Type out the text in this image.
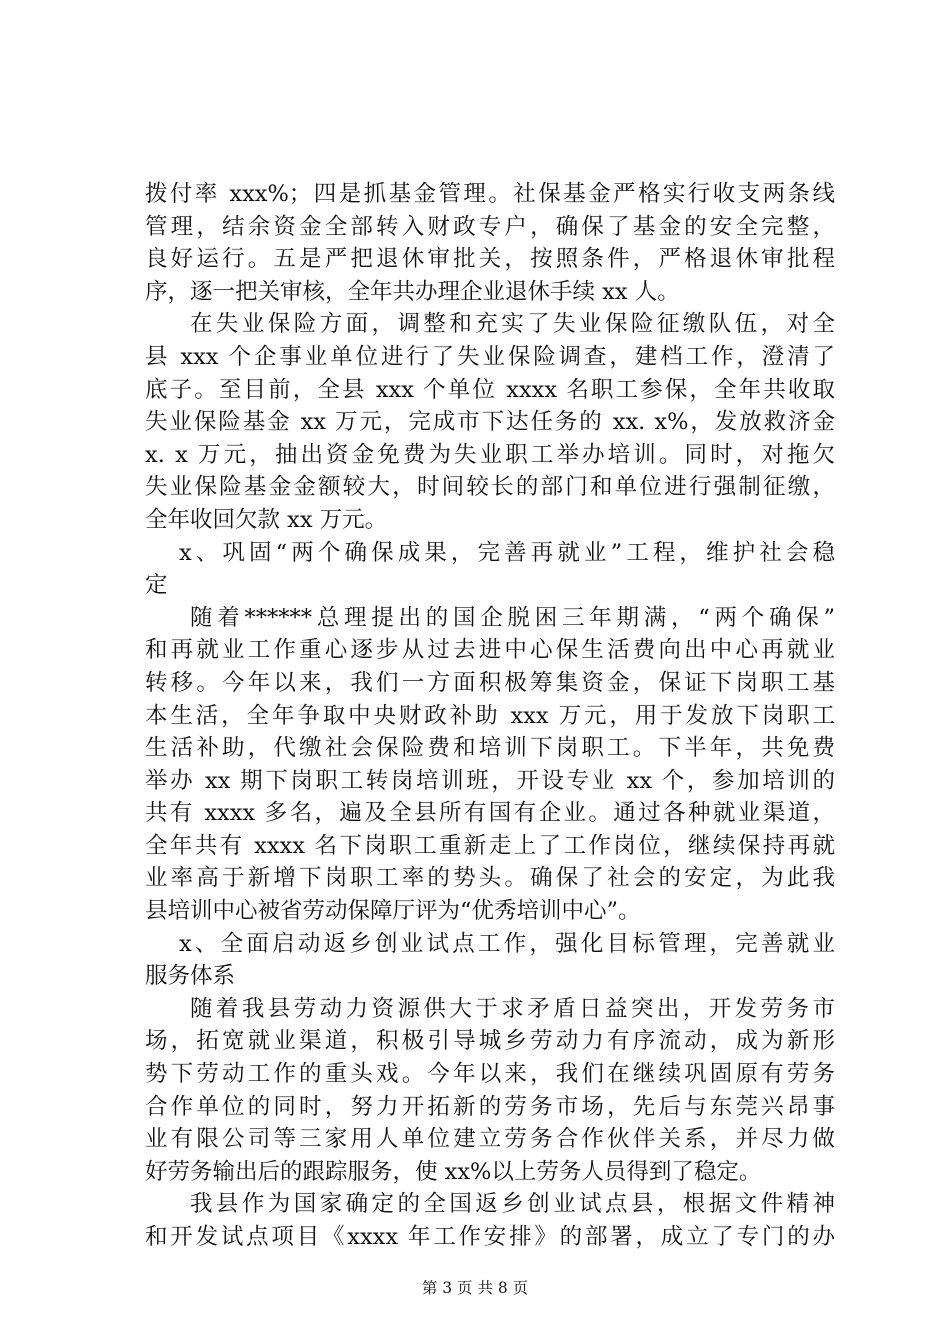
拨付率 xxx%；四是抓基金管理。社保基金严格实行收支两条线
管理，结余资金全部转入财政专户，确保了基金的安全完整，
良好运行。五是严把退休审批关，按照条件，严格退休审批程
序，逐一把关审核，全年共办理企业退休手续 xx 人。
在失业保险方面，调整和充实了失业保险征缴队伍，对全
县 xxx 个企事业单位进行了失业保险调查，建档工作，澄清了
底子。至目前，全县 xxx 个单位 xxxx 名职工参保，全年共收取
失业保险基金 xx 万元，完成市下达任务的 xx. x%，发放救济金
x. x 万元，抽出资金免费为失业职工举办培训。同时，对拖欠
失业保险基金金额较大，时间较长的部门和单位进行强制征缴，
全年收回欠款 xx 万元。
x、巩固“两个确保成果，完善再就业”工程，维护社会稳
定
随着******总理提出的国企脱困三年期满，“两个确保”
和再就业工作重心逐步从过去进中心保生活费向出中心再就业
转移。今年以来，我们一方面积极筹集资金，保证下岗职工基
本生活，全年争取中央财政补助 xxx 万元，用于发放下岗职工
生活补助，代缴社会保险费和培训下岗职工。下半年，共免费
举办 xx 期下岗职工转岗培训班，开设专业 xx 个，参加培训的
共有 xxxx 多名，遍及全县所有国有企业。通过各种就业渠道，
全年共有 xxxx 名下岗职工重新走上了工作岗位，继续保持再就
业率高于新增下岗职工率的势头。确保了社会的安定，为此我
县培训中心被省劳动保障厅评为“优秀培训中心”。
x、全面启动返乡创业试点工作，强化目标管理，完善就业
服务体系
随着我县劳动力资源供大于求矛盾日益突出，开发劳务市
场，拓宽就业渠道，积极引导城乡劳动力有序流动，成为新形
势下劳动工作的重头戏。今年以来，我们在继续巩固原有劳务
合作单位的同时，努力开拓新的劳务市场，先后与东莞兴昂事
业有限公司等三家用人单位建立劳务合作伙伴关系，并尽力做
好劳务输出后的跟踪服务，使 xx%以上劳务人员得到了稳定。
我县作为国家确定的全国返乡创业试点县，根据文件精神
和开发试点项目《xxxx 年工作安排》的部署，成立了专门的办
第 3 页 共 8 页
